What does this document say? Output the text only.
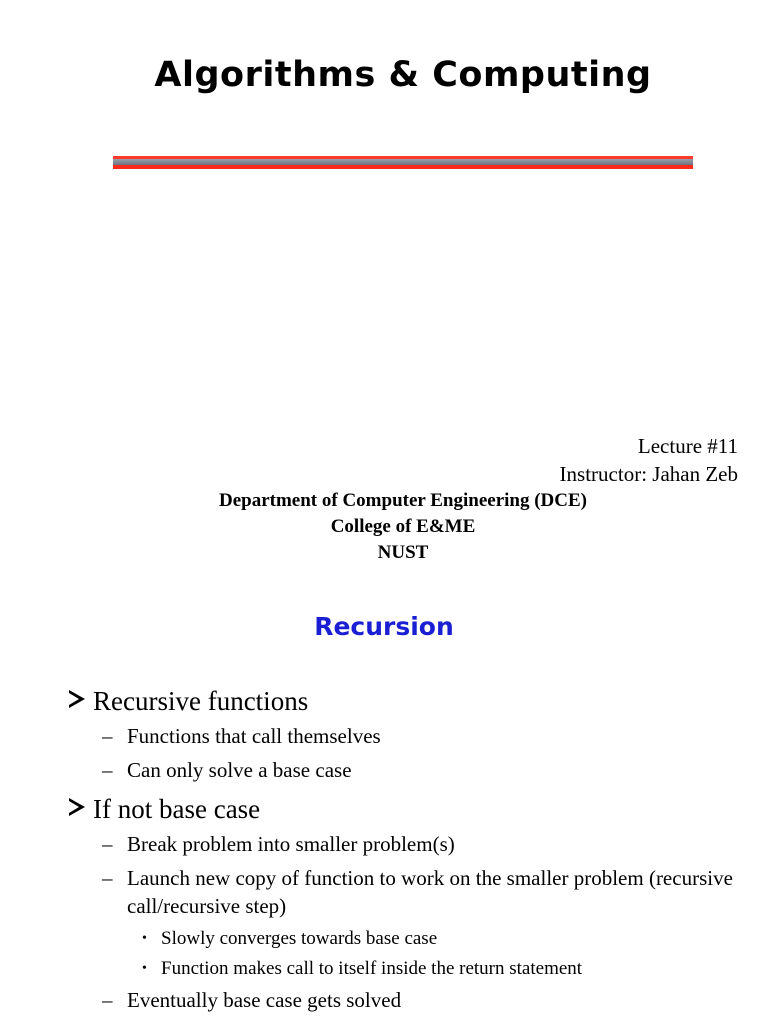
Algorithms & Computing
Lecture #11
Instructor: Jahan Zeb
Department of Computer Engineering (DCE)
College of E&ME
NUST
Recursion
Recursive functions
– Functions that call themselves
– Can only solve a base case
If not base case
– Break problem into smaller problem(s)
– Launch new copy of function to work on the smaller problem (recursive call/recursive step)
• Slowly converges towards base case
• Function makes call to itself inside the return statement
– Eventually base case gets solved
